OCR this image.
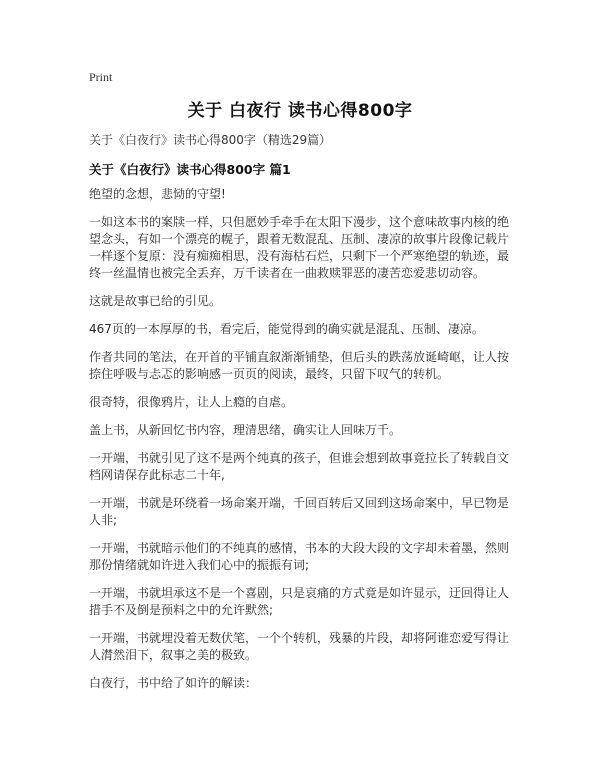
Print
关于 白夜行 读书心得800字
关于《白夜行》读书心得800字（精选29篇）
关于《白夜行》读书心得800字 篇1

绝望的念想，悲恸的守望!

一如这本书的案牍一样，只但愿妙手牵手在太阳下漫步，这个意味故事内核的绝望念头，有如一个漂亮的幌子，跟着无数混乱、压制、凄凉的故事片段像记载片一样逐个复原：没有痴痴相思，没有海枯石烂，只剩下一个严寒绝望的轨迹，最终一丝温情也被完全丢弃，万千读者在一曲救赎罪恶的凄苦恋爱悲切动容。

这就是故事已给的引见。

467页的一本厚厚的书，看完后，能觉得到的确实就是混乱、压制、凄凉。

作者共同的笔法，在开首的平铺直叙渐渐铺垫，但后头的跌荡放诞崎岖，让人按捺住呼吸与忐忑的影响感一页页的阅读，最终，只留下叹气的转机。

很奇特，很像鸦片，让人上瘾的自虐。

盖上书，从新回忆书内容，理清思绪，确实让人回味万千。

一开端，书就引见了这不是两个纯真的孩子，但谁会想到故事竟拉长了转载自文档网请保存此标志二十年,

一开端，书就是环绕着一场命案开端，千回百转后又回到这场命案中，早已物是人非;

一开端，书就暗示他们的不纯真的感情，书本的大段大段的文字却未着墨，然则那份情绪就如许进入我们心中的振振有词;

一开端，书就坦承这不是一个喜剧，只是哀痛的方式竟是如许显示，迂回得让人措手不及倒是预料之中的允许默然;

一开端，书就埋没着无数伏笔，一个个转机，残暴的片段，却将阿谁恋爱写得让人潸然泪下，叙事之美的极致。

白夜行，书中给了如许的解读：
